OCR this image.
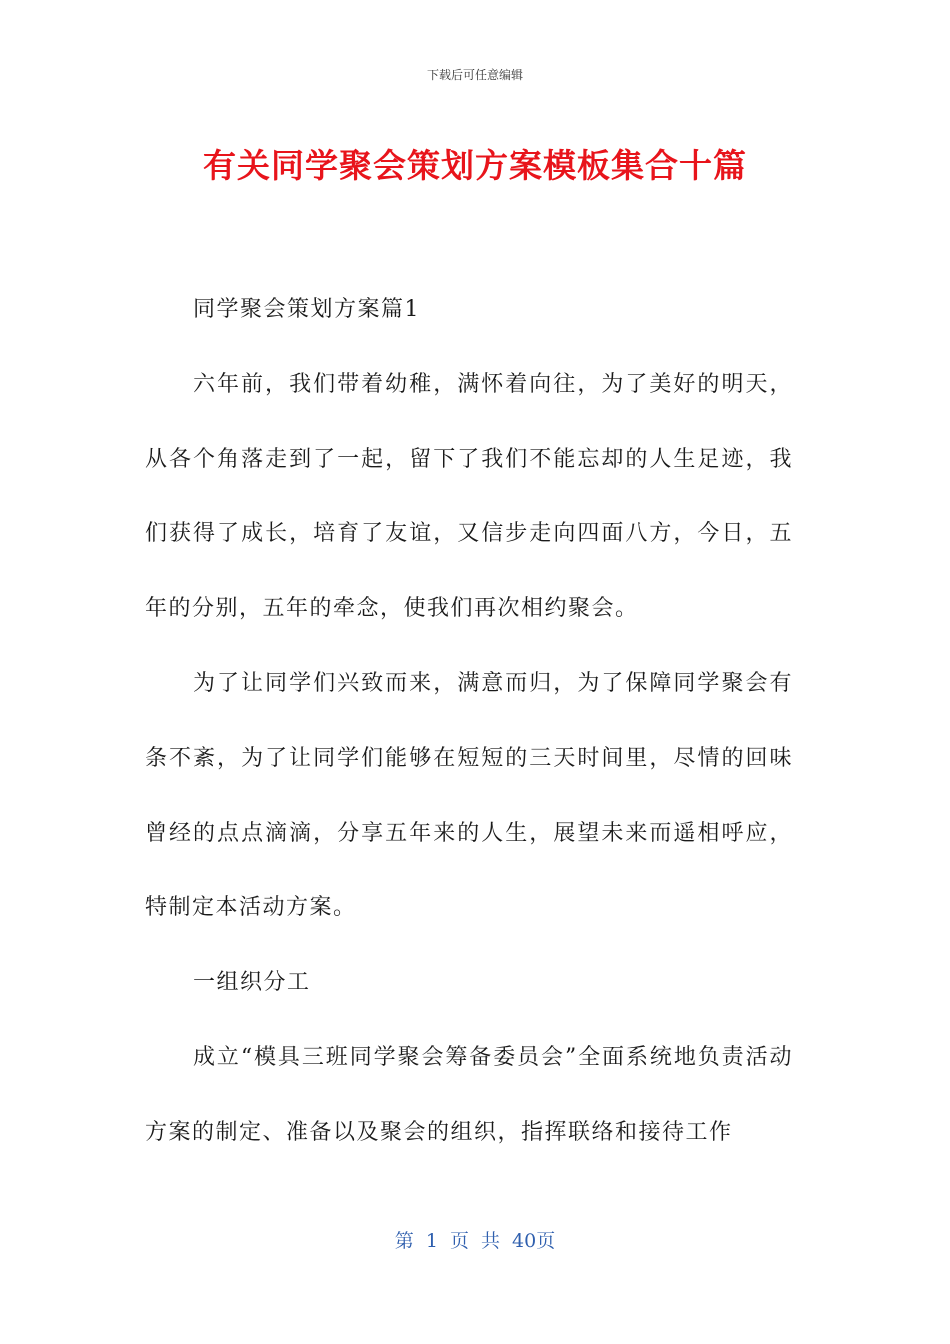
下载后可任意编辑
有关同学聚会策划方案模板集合十篇

同学聚会策划方案篇1

六年前，我们带着幼稚，满怀着向往，为了美好的明天，从各个角落走到了一起，留下了我们不能忘却的人生足迹，我们获得了成长，培育了友谊，又信步走向四面八方，今日，五年的分别，五年的牵念，使我们再次相约聚会。

为了让同学们兴致而来，满意而归，为了保障同学聚会有条不紊，为了让同学们能够在短短的三天时间里，尽情的回味曾经的点点滴滴，分享五年来的人生，展望未来而遥相呼应，特制定本活动方案。

一组织分工

成立“模具三班同学聚会筹备委员会”全面系统地负责活动方案的制定、准备以及聚会的组织，指挥联络和接待工作

第 1 页 共 40页
